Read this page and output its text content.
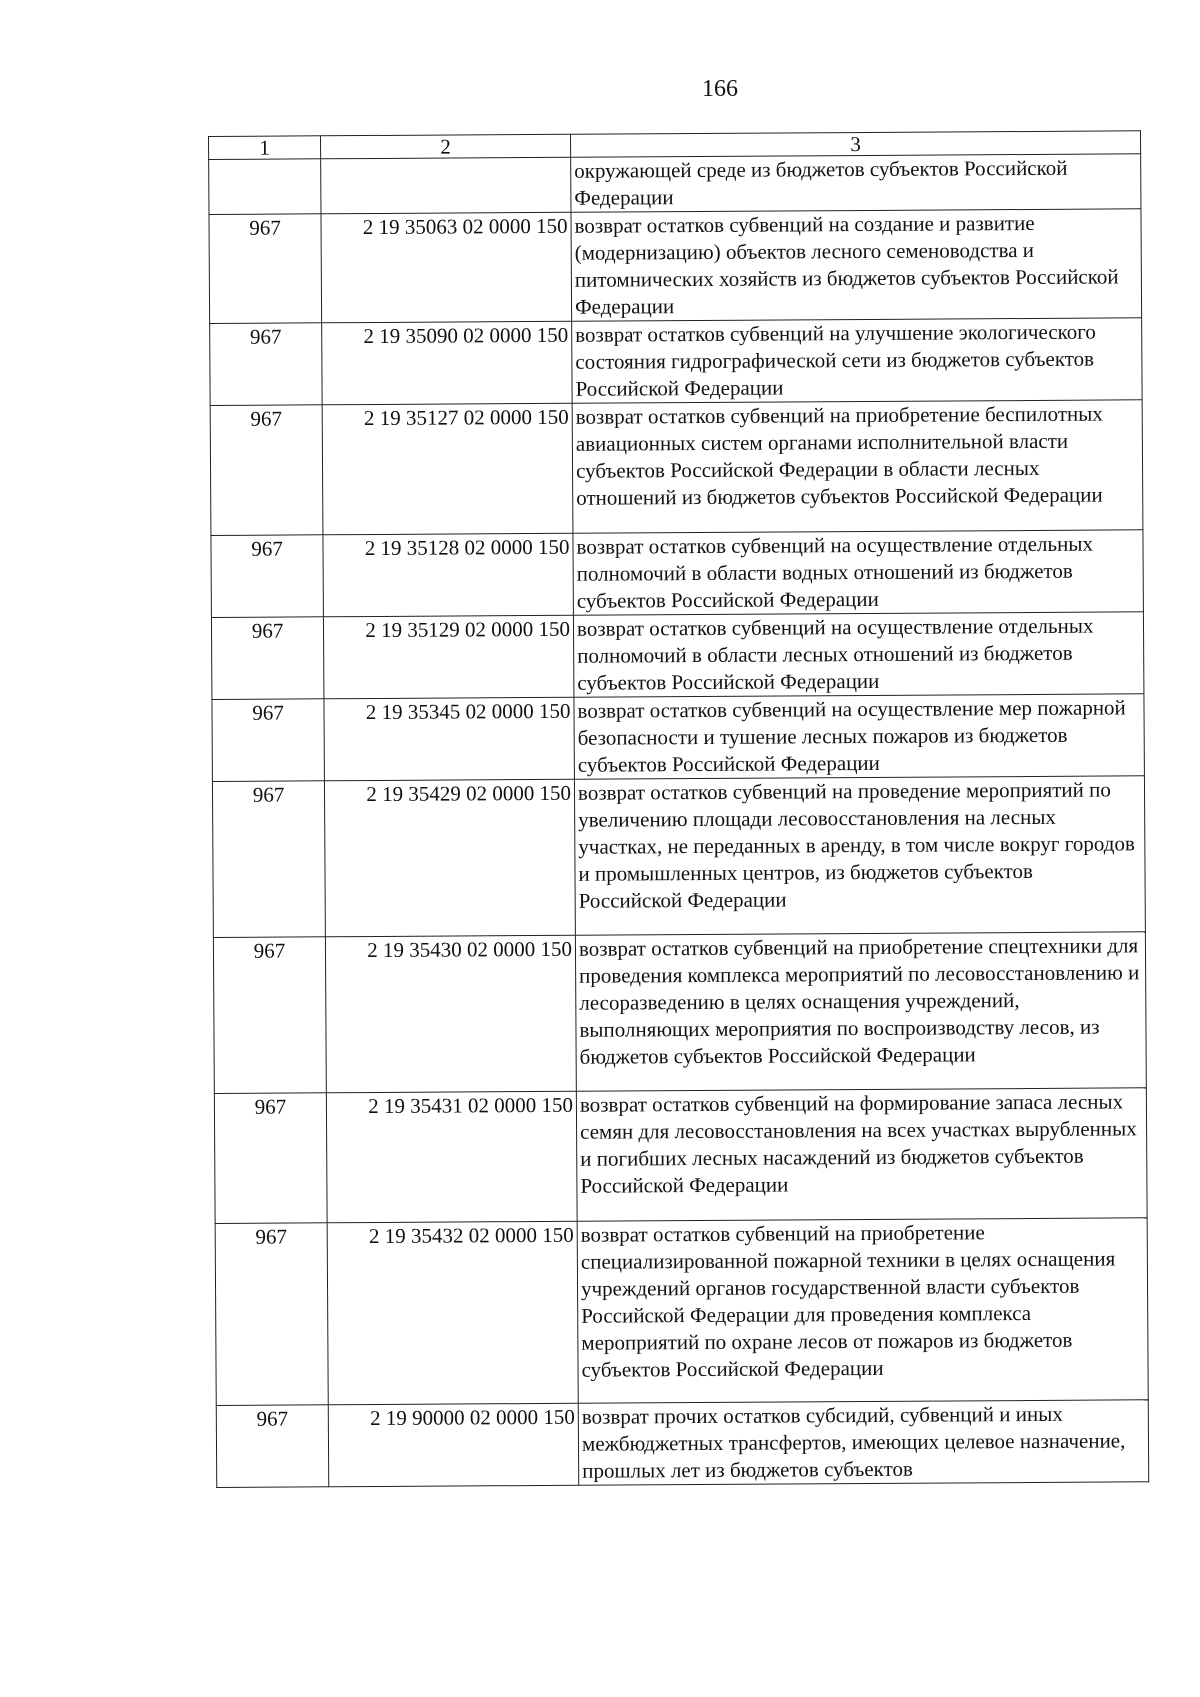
166
1	2	3
		окружающей среде из бюджетов субъектов Российской Федерации
967	2 19 35063 02 0000 150	возврат остатков субвенций на создание и развитие (модернизацию) объектов лесного семеноводства и питомнических хозяйств из бюджетов субъектов Российской Федерации
967	2 19 35090 02 0000 150	возврат остатков субвенций на улучшение экологического состояния гидрографической сети из бюджетов субъектов Российской Федерации
967	2 19 35127 02 0000 150	возврат остатков субвенций на приобретение беспилотных авиационных систем органами исполнительной власти субъектов Российской Федерации в области лесных отношений из бюджетов субъектов Российской Федерации
967	2 19 35128 02 0000 150	возврат остатков субвенций на осуществление отдельных полномочий в области водных отношений из бюджетов субъектов Российской Федерации
967	2 19 35129 02 0000 150	возврат остатков субвенций на осуществление отдельных полномочий в области лесных отношений из бюджетов субъектов Российской Федерации
967	2 19 35345 02 0000 150	возврат остатков субвенций на осуществление мер пожарной безопасности и тушение лесных пожаров из бюджетов субъектов Российской Федерации
967	2 19 35429 02 0000 150	возврат остатков субвенций на проведение мероприятий по увеличению площади лесовосстановления на лесных участках, не переданных в аренду, в том числе вокруг городов и промышленных центров, из бюджетов субъектов Российской Федерации
967	2 19 35430 02 0000 150	возврат остатков субвенций на приобретение спецтехники для проведения комплекса мероприятий по лесовосстановлению и лесоразведению в целях оснащения учреждений, выполняющих мероприятия по воспроизводству лесов, из бюджетов субъектов Российской Федерации
967	2 19 35431 02 0000 150	возврат остатков субвенций на формирование запаса лесных семян для лесовосстановления на всех участках вырубленных и погибших лесных насаждений из бюджетов субъектов Российской Федерации
967	2 19 35432 02 0000 150	возврат остатков субвенций на приобретение специализированной пожарной техники в целях оснащения учреждений органов государственной власти субъектов Российской Федерации для проведения комплекса мероприятий по охране лесов от пожаров из бюджетов субъектов Российской Федерации
967	2 19 90000 02 0000 150	возврат прочих остатков субсидий, субвенций и иных межбюджетных трансфертов, имеющих целевое назначение, прошлых лет из бюджетов субъектов
